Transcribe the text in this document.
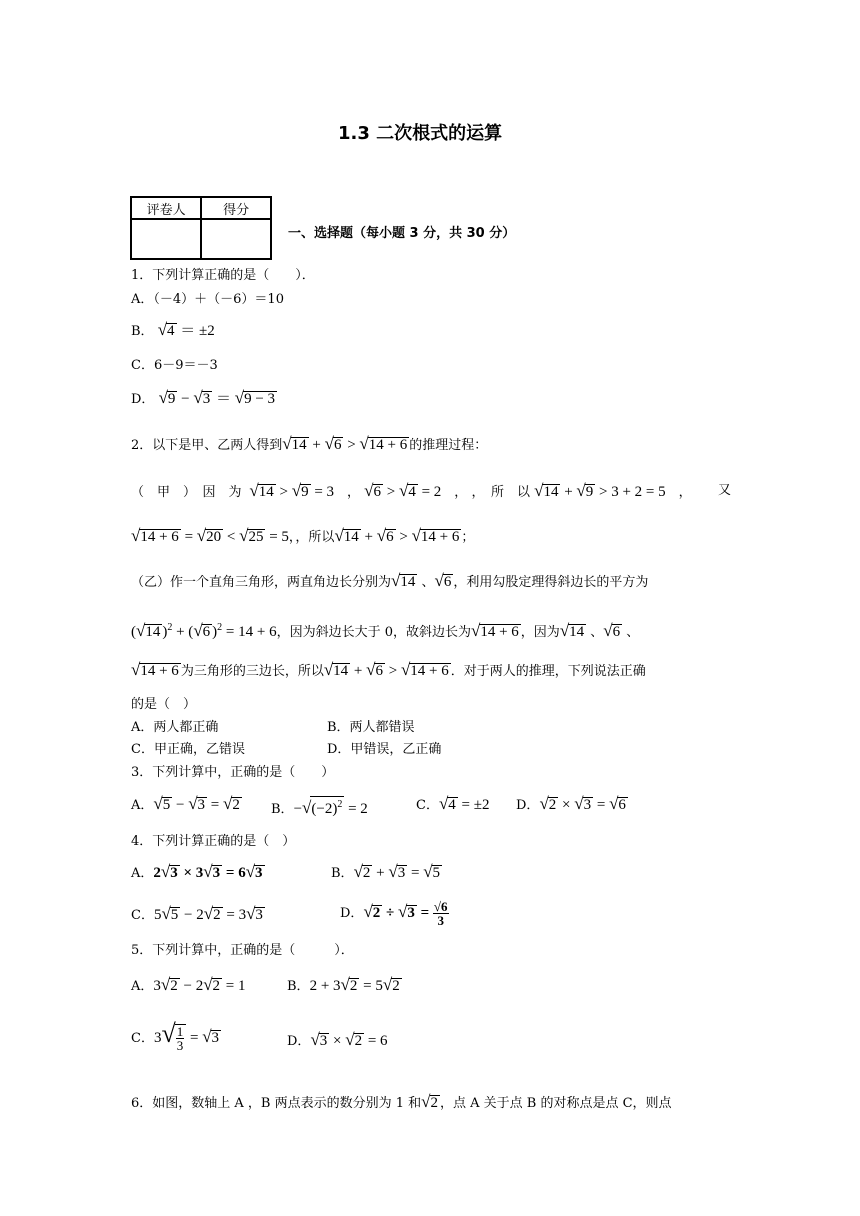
1.3 二次根式的运算
评卷人	得分

一、选择题（每小题 3 分，共 30 分）
1．下列计算正确的是（　　）．
A．（－4）＋（－6）＝10
B． √4 ＝ ±2
C．6－9＝－3
D． √9 − √3 ＝ √9 − 3
2．以下是甲、乙两人得到√14 + √6 > √14 + 6 的推理过程：
（　甲　）　因　为 √14 > √9 = 3　， √6 > √4 = 2　， ，　所　以 √14 + √9 > 3 + 2 = 5　， 又
√14 + 6 = √20 < √25 = 5，，所以√14 + √6 > √14 + 6 ；
（乙）作一个直角三角形，两直角边长分别为√14 、√6 ，利用勾股定理得斜边长的平方为
(√14 )$^2$ + (√6 )$^2$ = 14 + 6，因为斜边长大于 0，故斜边长为√14 + 6 ，因为√14 、√6 、
√14 + 6 为三角形的三边长，所以√14 + √6 > √14 + 6 ．对于两人的推理，下列说法正确
的是（　）
A．两人都正确	B．两人都错误
C．甲正确，乙错误	D．甲错误，乙正确
3．下列计算中，正确的是（　　）
A．√5 − √3 = √2 B．$-√(-2)^2 = 2$	C．√4 = ±2 D．√2 × √3 = √6
4．下列计算正确的是（　）
A．2√3 × 3√3 = 6√3	B．√2 + √3 = √5
C．5√5 − 2√2 = 3√3	D．$√2 \div √3 = \frac{√6}{3}$
5．下列计算中，正确的是（　　　）．
A．3√2 − 2√2 = 1	B．2 + 3√2 = 5√2
C．$3√ \frac{1}{3} = √3$	D．√3 × √2 = 6
6．如图，数轴上 A ，B 两点表示的数分别为 1 和√2 ，点 A 关于点 B 的对称点是点 C，则点
